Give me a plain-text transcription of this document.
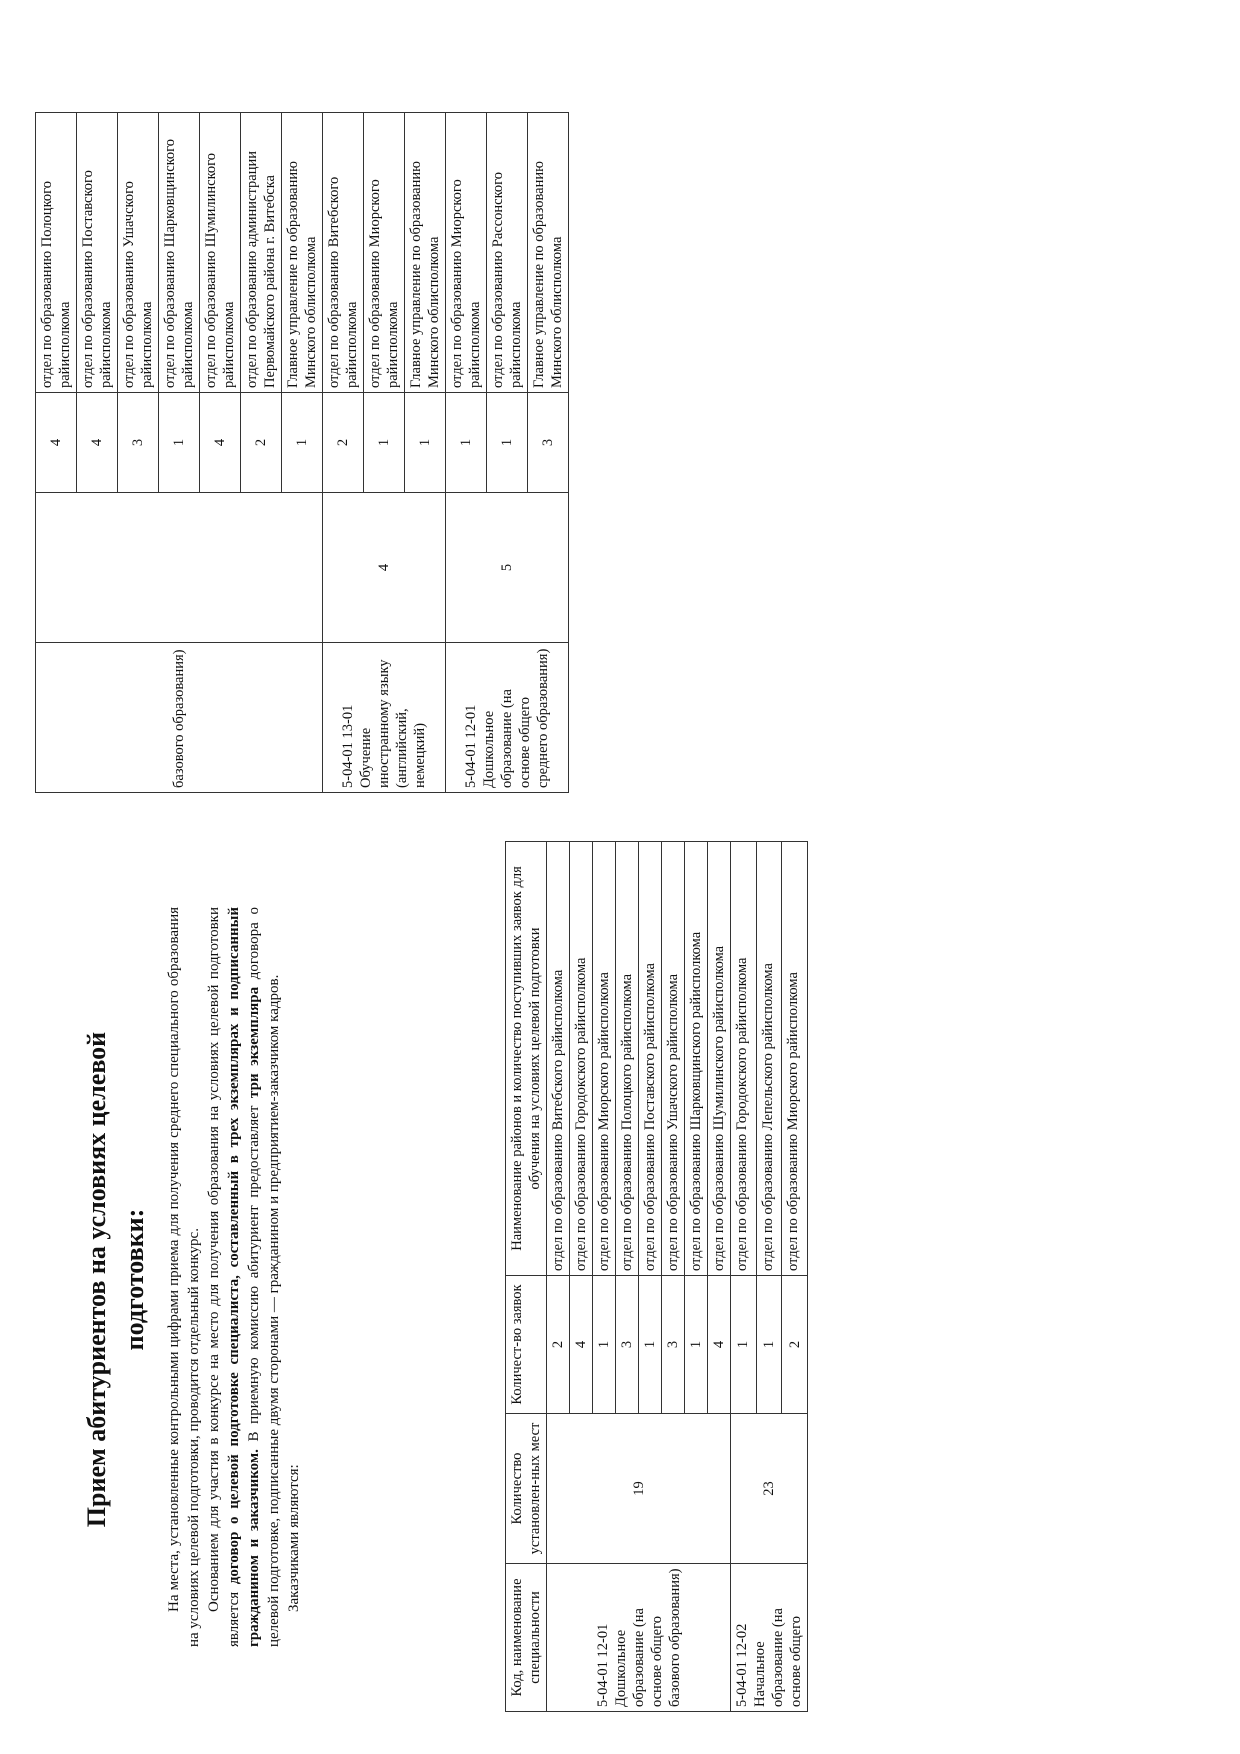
Прием абитуриентов на условиях целевой подготовки:	На места, установленные контрольными цифрами приема для получения среднего специального образования на условиях целевой подготовки, проводится отдельный конкурс. Основанием для участия в конкурсе на место для получения образования на условиях целевой подготовки является договор о целевой подготовке специалиста, составленный в трех экземплярах и подписанный гражданином и заказчиком. В приемную комиссию абитуриент предоставляет три экземпляра договора о целевой подготовке, подписанные двумя сторонами — гражданином и предприятием-заказчиком кадров. Заказчиками являются:

Код, наименование специальности	Количество установлен-ных мест	Количест-во заявок	Наименование районов и количество поступивших заявок для обучения на условиях целевой подготовки
5-04-01 12-01 Дошкольное образование (на основе общего базового образования)	19	2	отдел по образованию Витебского райисполкома
		4	отдел по образованию Городокского райисполкома
		1	отдел по образованию Миорского райисполкома
		3	отдел по образованию Полоцкого райисполкома
		1	отдел по образованию Поставского райисполкома
		3	отдел по образованию Ушачского райисполкома
		1	отдел по образованию Шарковщинского райисполкома
		4	отдел по образованию Шумилинского райисполкома
5-04-01 12-02 Начальное образование (на основе общего	23	1	отдел по образованию Городокского райисполкома
		1	отдел по образованию Лепельского райисполкома
		2	отдел по образованию Миорского райисполкома
базового образования)		4	отдел по образованию Полоцкого райисполкома
		4	отдел по образованию Поставского райисполкома
		3	отдел по образованию Ушачского райисполкома
		1	отдел по образованию Шарковщинского райисполкома
		4	отдел по образованию Шумилинского райисполкома
		2	отдел по образованию администрации Первомайского района г. Витебска
		1	Главное управление по образованию Минского облисполкома
5-04-01 13-01 Обучение иностранному языку (английский, немецкий)	4	2	отдел по образованию Витебского райисполкома
		1	отдел по образованию Миорского райисполкома
		1	Главное управление по образованию Минского облисполкома
5-04-01 12-01 Дошкольное образование (на основе общего среднего образования)	5	1	отдел по образованию Миорского райисполкома
		1	отдел по образованию Рассонского райисполкома
		3	Главное управление по образованию Минского облисполкома
